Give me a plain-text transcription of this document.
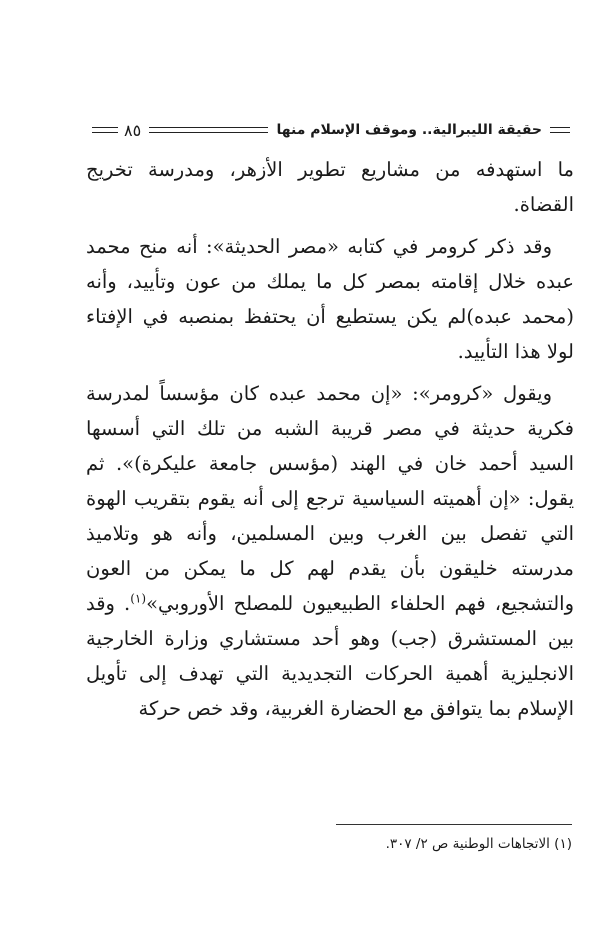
حقيقة الليبرالية.. وموقف الإسلام منها
٨٥

ما استهدفه من مشاريع تطوير الأزهر، ومدرسة تخريج القضاة.

وقد ذكر كرومر في كتابه «مصر الحديثة»: أنه منح محمد عبده خلال إقامته بمصر كل ما يملك من عون وتأييد، وأنه (محمد عبده)لم يكن يستطيع أن يحتفظ بمنصبه في الإفتاء لولا هذا التأييد.

ويقول «كرومر»: «إن محمد عبده كان مؤسساً لمدرسة فكرية حديثة في مصر قريبة الشبه من تلك التي أسسها السيد أحمد خان في الهند (مؤسس جامعة عليكرة)». ثم يقول: «إن أهميته السياسية ترجع إلى أنه يقوم بتقريب الهوة التي تفصل بين الغرب وبين المسلمين، وأنه هو وتلاميذ مدرسته خليقون بأن يقدم لهم كل ما يمكن من العون والتشجيع، فهم الحلفاء الطبيعيون للمصلح الأوروبي»$^{(١)}$. وقد بين المستشرق (جب) وهو أحد مستشاري وزارة الخارجية الانجليزية أهمية الحركات التجديدية التي تهدف إلى تأويل الإسلام بما يتوافق مع الحضارة الغربية، وقد خص حركة

(١) الاتجاهات الوطنية ص ٢/ ٣٠٧.
